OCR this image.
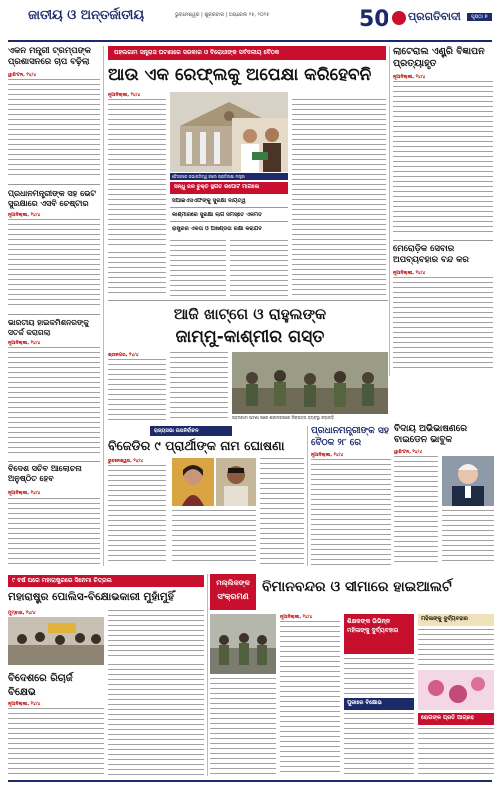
ଜାତୀୟ ଓ ଅନ୍ତର୍ଜାତୀୟ	ଭୁବନେଶ୍ୱର | ଶୁକ୍ରବାର | ଅପ୍ରେଲ ୨୫, ୨୦୨୫	50 ପ୍ରଗତିବାଦୀ	ପୃଷ୍ଠା ୭
ଏକନ ମନ୍ତ୍ରୀ ଟ୍ରମ୍ପଙ୍କ ପ୍ରଶାସନରେ ଚାପ ବଢ଼ିଲା
ୱାଶିଂଟନ, ୨୪/୪
ପ୍ରଧାନମନ୍ତ୍ରୀଙ୍କ ସହ ଭେଟ ସୁରକ୍ଷାରେ ଏସବି ଚେଷ୍ଟାର
ନୂଆଦିଲ୍ଲୀ, ୨୪/୪
ଭାରତୀୟ ହାଇକମିଶନରଙ୍କୁ ସତର୍କ କରାଗଲା
ନୂଆଦିଲ୍ଲୀ, ୨୪/୪
ବିଦେଶ ସଚିବ ଆଲୋଚନା ଅନୁଷ୍ଠିତ ହେବ
ନୂଆଦିଲ୍ଲୀ, ୨୪/୪
ପହଲଗାମ ସନ୍ତ୍ରାସ ଘଟଣାରେ ସରକାର ଓ ବିରୋଧୀଙ୍କ ସର୍ବଦଳୀୟ ବୈଠକ
ଆଉ ଏକ ରେଫ୍ଲକୁ ଅପେକ୍ଷା କରିହେବନି
ନୂଆଦିଲ୍ଲୀ, ୨୪/୪
ବୈଠକରେ ସଭାପତିତ୍ୱ କଲେ ପ୍ରତିରକ୍ଷା ମନ୍ତ୍ରୀ
ସିନ୍ଧୁ ଜଳ ଚୁକ୍ତି ସ୍ଥଗିତ ରିପୋର୍ଟ ମାଗିଲେ
ସିଆଇଏସଏଫଙ୍କୁ ସୁରକ୍ଷା ଦାୟିତ୍ୱ
କାଶ୍ମୀରରେ ସୁରକ୍ଷା ଲାଗି ସମସ୍ତେ ଏକମତ
ରାଷ୍ଟ୍ରର ଏକତା ଓ ଅଖଣ୍ଡତା ରକ୍ଷା କରାଯିବ
ଲାଟେରାଲ ଏଣ୍ଟ୍ରି ବିଜ୍ଞାପନ ପ୍ରତ୍ୟାହୃତ
ନୂଆଦିଲ୍ଲୀ, ୨୪/୪
ମେରୋଡ଼ିକ ସେବାର ଅପବ୍ୟବହାର ବନ୍ଦ କର
ନୂଆଦିଲ୍ଲୀ, ୨୪/୪
ଆଜି ଖାଟ୍ଗେ ଓ ରାହୁଲଙ୍କ
ଜାମ୍ମୁ-କାଶ୍ମୀର ଗସ୍ତ
ପହଲଗାମ ଘଟଣା ପରେ ଶ୍ରୀନଗରରେ ନିରାପତ୍ତା ବ୍ୟବସ୍ଥା କଡ଼ାକଡ଼ି
ଶ୍ରୀନଗର, ୨୪/୪
ରାଜ୍ୟସଭା ଉପନିର୍ବାଚନ
ବିଜେଡିର ୯ ପ୍ରାର୍ଥୀଙ୍କ ନାମ ଘୋଷଣା
ଭୁବନେଶ୍ୱର, ୨୪/୪
ପ୍ରଧାନମନ୍ତ୍ରୀଙ୍କ ସହ
ବୈଠକ ୨୮ ରେ
ନୂଆଦିଲ୍ଲୀ, ୨୪/୪
ବିଦାୟ ଅଭିଭାଷଣରେ ବାଇଡେନ ଭାବୁକ
ୱାଶିଂଟନ, ୨୪/୪
୯ ବର୍ଷ ପରେ ମହାରାଷ୍ଟ୍ରରେ ସିନେମା ଚିତ୍ରଲ
ମହାରାଷ୍ଟ୍ର ପୋଲିସ-ବିକ୍ଷୋଭକାରୀ ମୁହାଁମୁହିଁ
ମଲ୍ଲିକଙ୍କ
ସଂକ୍ରମଣ
ବିମାନବନ୍ଦର ଓ ସୀମାରେ ହାଇଆଲର୍ଟ
ମୁମ୍ବାଇ, ୨୪/୪
ବିଦେଶରେ ରିଚାର୍ଜ
ବିକ୍ଷେଭ
ନୂଆଦିଲ୍ଲୀ, ୨୪/୪
ନୂଆଦିଲ୍ଲୀ, ୨୪/୪
ଶିକ୍ଷକଙ୍କ ଭିଭିନ୍ନ ମହିଳାଙ୍କୁ ଦୁର୍ବ୍ୟବହାର
ପୁରୀରେ ବିକ୍ଷୋଭ
ମହିଳାଙ୍କୁ ଦୁର୍ବ୍ୟବହାର
ରୋଗଙ୍କ ପ୍ରତି ଆଗ୍ରହ
